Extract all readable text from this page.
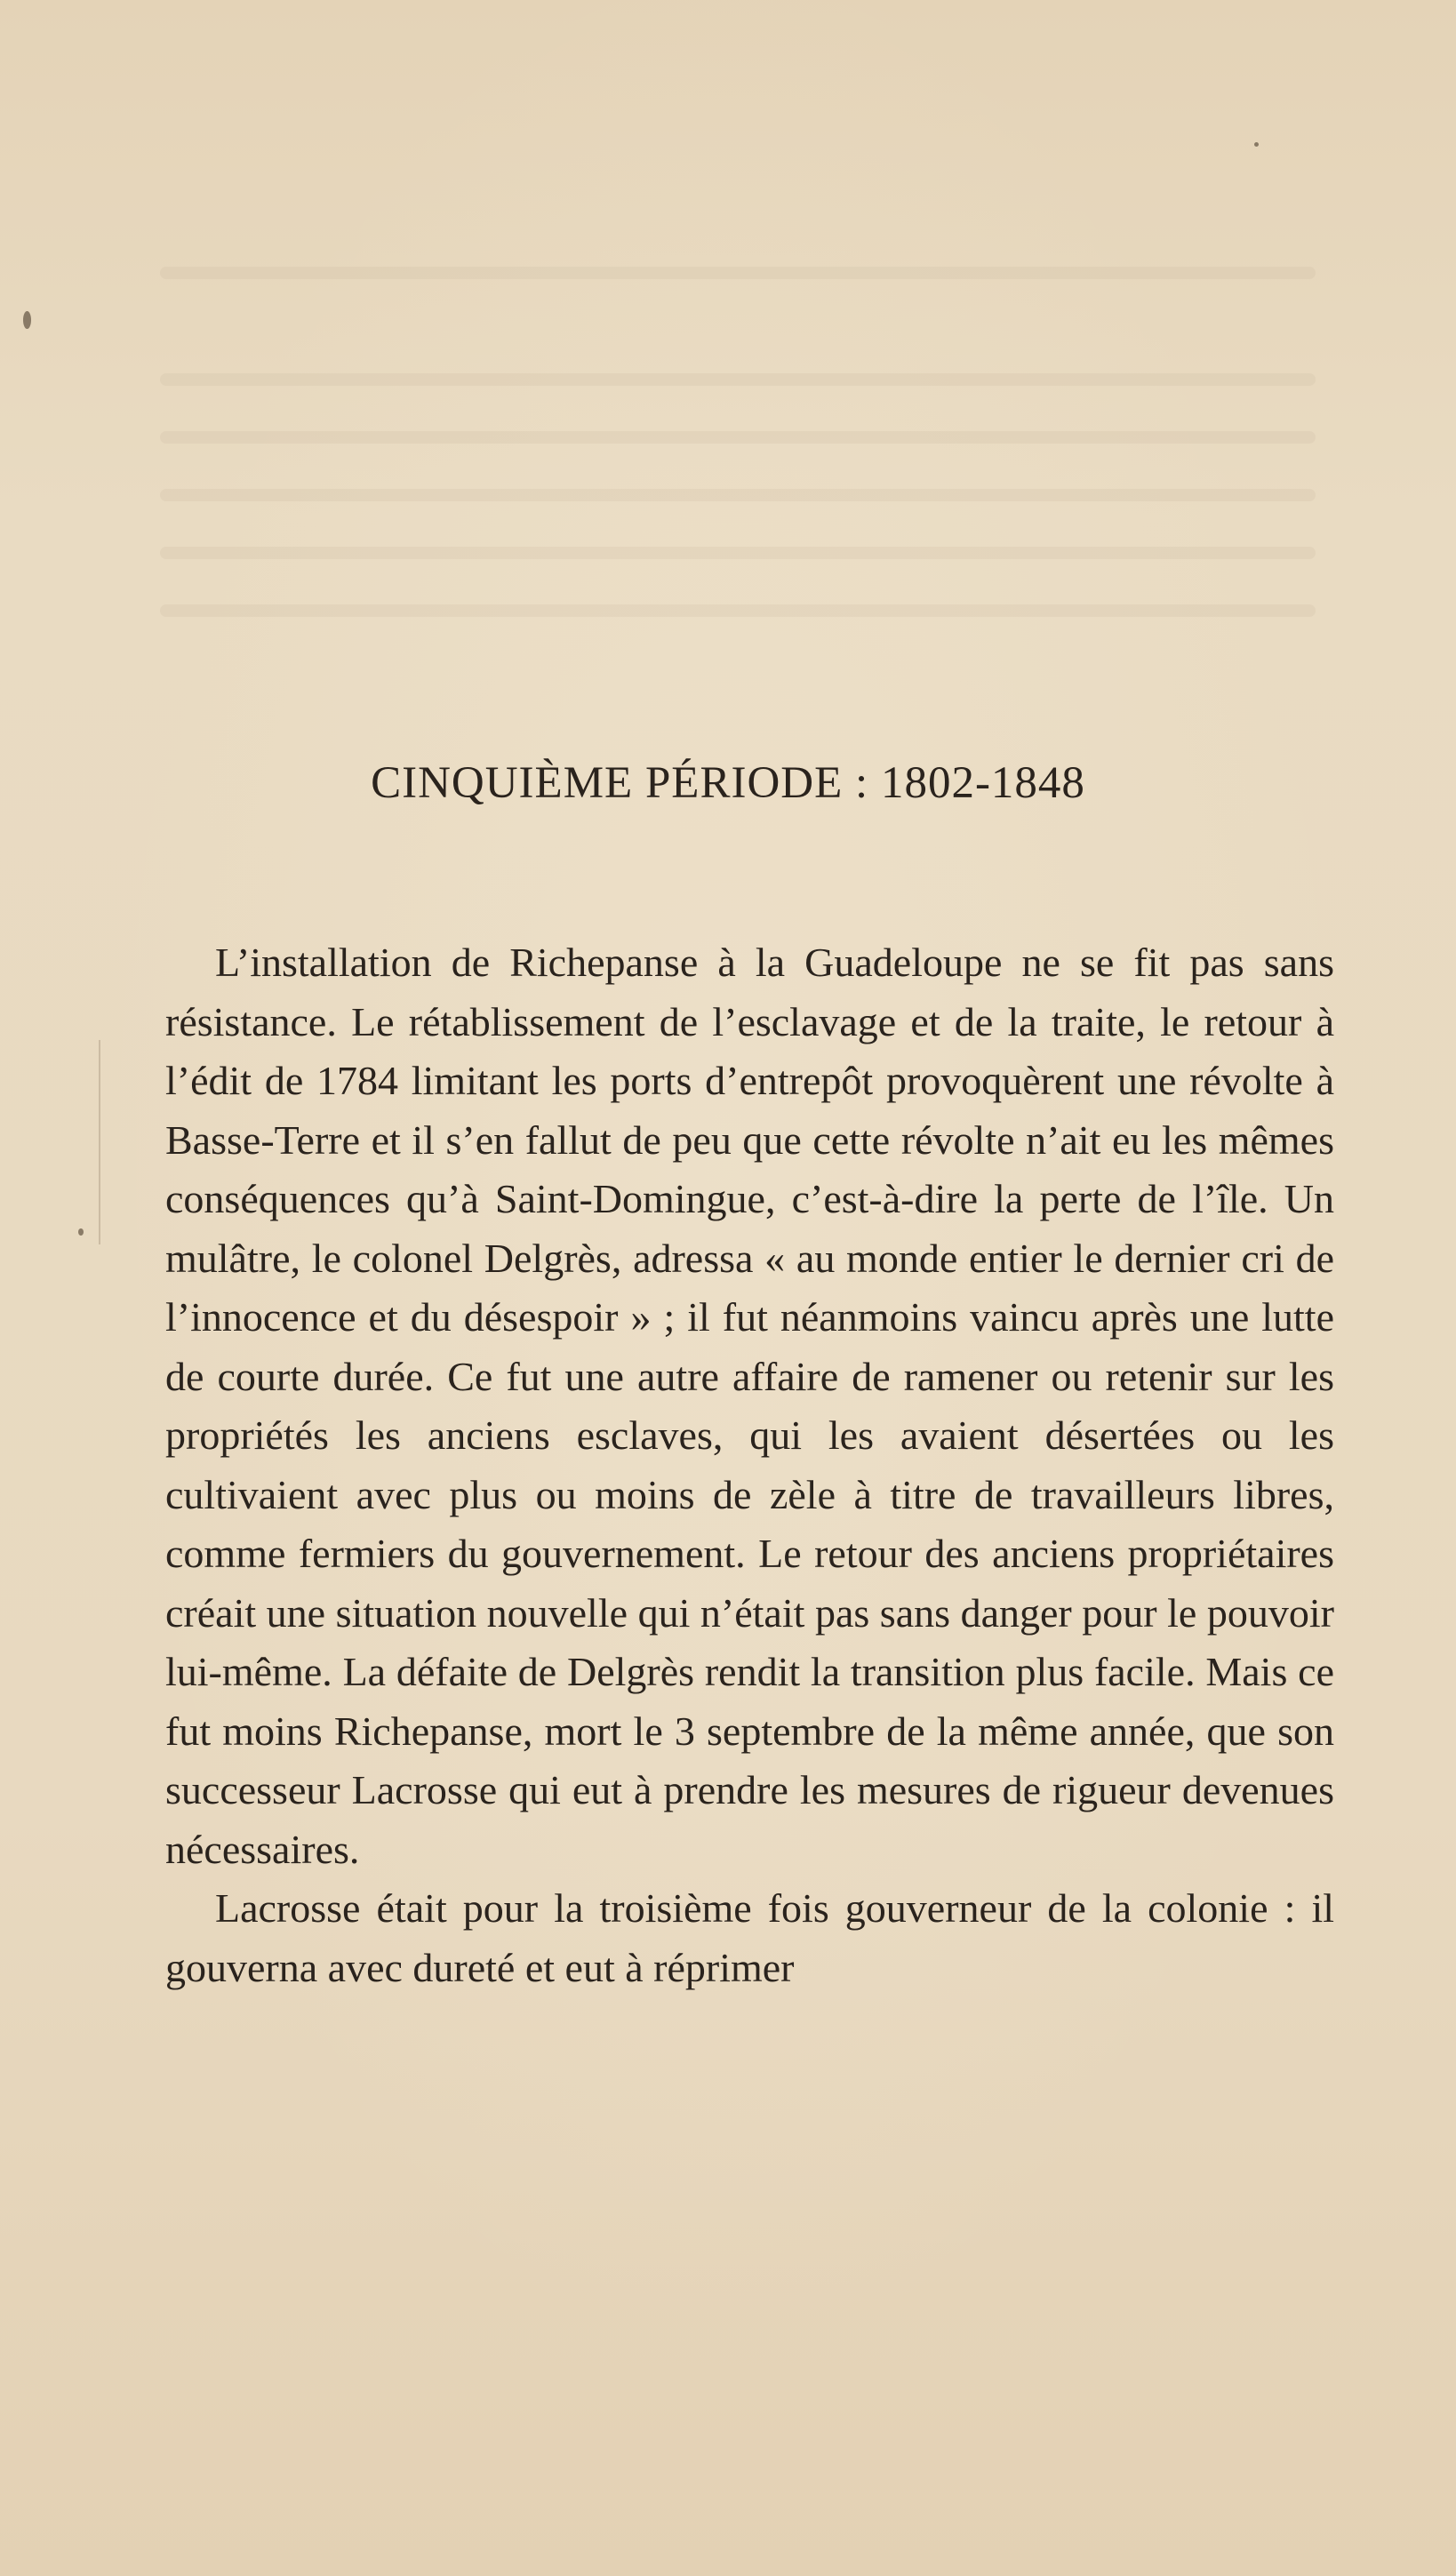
CINQUIÈME PÉRIODE : 1802-1848

L’installation de Richepanse à la Guadeloupe ne se fit pas sans résistance. Le rétablissement de l’esclavage et de la traite, le retour à l’édit de 1784 limitant les ports d’entrepôt provoquèrent une révolte à Basse-Terre et il s’en fallut de peu que cette révolte n’ait eu les mêmes conséquences qu’à Saint-Domingue, c’est-à-dire la perte de l’île. Un mulâtre, le colonel Delgrès, adressa « au monde entier le dernier cri de l’innocence et du désespoir » ; il fut néanmoins vaincu après une lutte de courte durée. Ce fut une autre affaire de ramener ou retenir sur les propriétés les anciens esclaves, qui les avaient désertées ou les cultivaient avec plus ou moins de zèle à titre de travailleurs libres, comme fermiers du gouvernement. Le retour des anciens propriétaires créait une situation nouvelle qui n’était pas sans danger pour le pouvoir lui-même. La défaite de Delgrès rendit la transition plus facile. Mais ce fut moins Richepanse, mort le 3 septembre de la même année, que son successeur Lacrosse qui eut à prendre les mesures de rigueur devenues nécessaires.

Lacrosse était pour la troisième fois gouverneur de la colonie : il gouverna avec dureté et eut à réprimer
